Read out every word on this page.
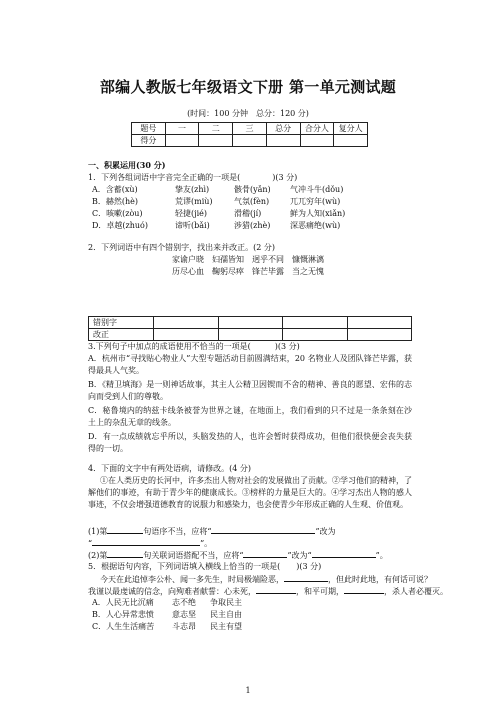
部编人教版七年级语文下册 第一单元测试题
(时间：100 分钟　总分：120 分)
题号	一	二	三	总分	合分人	复分人
得分						
一、积累运用(30 分)
1．下列各组词语中字音完全正确的一项是(　　　　)(3 分)
A．含蓄(xù)	挚友(zhì)	骸骨(yǎn) 气冲斗牛(dǒu)
B．赫然(hè)	荒谬(miù)	气氛(fèn)	兀兀穷年(wù)
C．咳嗽(zòu)	轻捷(jié)	滑稽(jí)	鲜为人知(xiǎn)
D．卓越(zhuó)	谛听(bǎi)	涉猎(zhè) 深恶痛绝(wù)
2．下列词语中有四个错别字，找出来并改正。(2 分)
家谕户晓　妇孺皆知　迥乎不同　慷慨淋漓
历尽心血　鞠躬尽瘁　锋芒毕露　当之无愧
错别字				
改正				
3.下列句子中加点的成语使用不恰当的一项是(　　　)(3 分)
A．杭州市“寻找贴心物业人”大型专题活动目前圆满结束，20 名物业人及团队锋芒毕露，获得最具人气奖。
B．《精卫填海》是一则神话故事，其主人公精卫因锲而不舍的精神、善良的愿望、宏伟的志向而受到人们的尊敬。
C．秘鲁境内的纳兹卡线条被誉为世界之谜，在地面上，我们看到的只不过是一条条刻在沙土上的杂乱无章的线条。
D．有一点成绩就忘乎所以，头脑发热的人，也许会暂时获得成功，但他们很快便会丧失获得的一切。
4．下面的文字中有两处语病，请修改。(4 分)
①在人类历史的长河中，许多杰出人物对社会的发展做出了贡献。②学习他们的精神，了解他们的事迹，有助于青少年的健康成长。③榜样的力量是巨大的。④学习杰出人物的感人事迹，不仅会增强道德教育的说服力和感染力，也会使青少年形成正确的人生观、价值观。
(1)第	句语序不当，应将“	”改为
“	”。
(2)第	句关联词语搭配不当，应将“	”改为“	”。
5．根据语句内容，下列词语填入横线上恰当的一项是(　　)(3 分)
今天在此追悼李公朴、闻一多先生，时局极端险恶，	，但此时此地，有何话可说？
我谨以最虔诚的信念，向殉难者献誓：心未死，	，和平可期，	，杀人者必覆灭。
A．人民无比沉痛 志不绝 争取民主
B．人心异常悲愤 意志坚 民主自由
C．人生生活痛苦 斗志昂 民主有望
1
